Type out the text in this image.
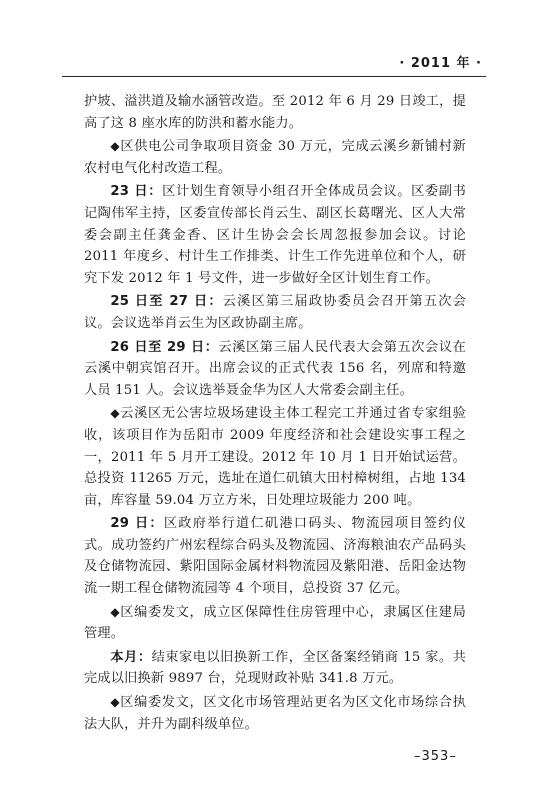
· 2011 年 ·

护坡、溢洪道及输水涵管改造。至 2012 年 6 月 29 日竣工，提高了这 8 座水库的防洪和蓄水能力。

◆区供电公司争取项目资金 30 万元，完成云溪乡新铺村新农村电气化村改造工程。

23 日：区计划生育领导小组召开全体成员会议。区委副书记陶伟军主持，区委宣传部长肖云生、副区长葛曙光、区人大常委会副主任龚金香、区计生协会会长周忽报参加会议。讨论 2011 年度乡、村计生工作排类、计生工作先进单位和个人，研究下发 2012 年 1 号文件，进一步做好全区计划生育工作。

25 日至 27 日：云溪区第三届政协委员会召开第五次会议。会议选举肖云生为区政协副主席。

26 日至 29 日：云溪区第三届人民代表大会第五次会议在云溪中朝宾馆召开。出席会议的正式代表 156 名，列席和特邀人员 151 人。会议选举聂金华为区人大常委会副主任。

◆云溪区无公害垃圾场建设主体工程完工并通过省专家组验收，该项目作为岳阳市 2009 年度经济和社会建设实事工程之一，2011 年 5 月开工建设。2012 年 10 月 1 日开始试运营。总投资 11265 万元，选址在道仁矶镇大田村樟树组，占地 134 亩，库容量 59.04 万立方米，日处理垃圾能力 200 吨。

29 日：区政府举行道仁矶港口码头、物流园项目签约仪式。成功签约广州宏程综合码头及物流园、济海粮油农产品码头及仓储物流园、紫阳国际金属材料物流园及紫阳港、岳阳金达物流一期工程仓储物流园等 4 个项目，总投资 37 亿元。

◆区编委发文，成立区保障性住房管理中心，隶属区住建局管理。

本月：结束家电以旧换新工作，全区备案经销商 15 家。共完成以旧换新 9897 台，兑现财政补贴 341.8 万元。

◆区编委发文，区文化市场管理站更名为区文化市场综合执法大队，并升为副科级单位。

–353–
